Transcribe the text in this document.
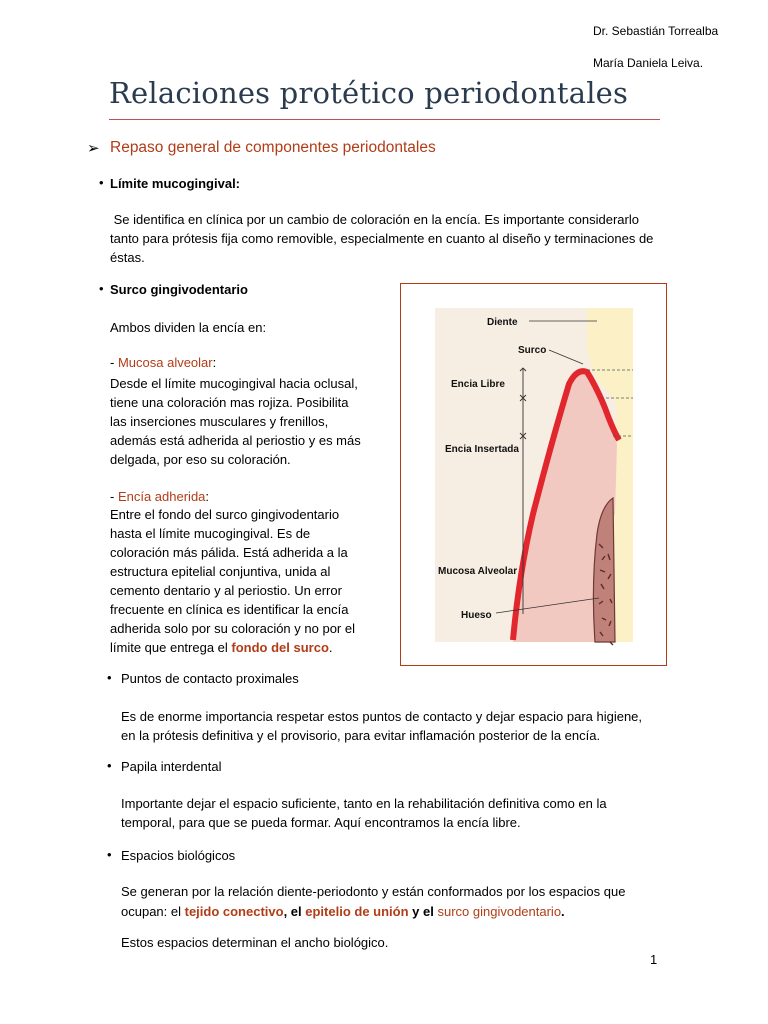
Dr. Sebastián Torrealba
María Daniela Leiva.
Relaciones protético periodontales
➢ Repaso general de componentes periodontales
• Límite mucogingival:
Se identifica en clínica por un cambio de coloración en la encía. Es importante considerarlo
tanto para prótesis fija como removible, especialmente en cuanto al diseño y terminaciones de
éstas.
• Surco gingivodentario
Ambos dividen la encía en:
- Mucosa alveolar:
Desde el límite mucogingival hacia oclusal,
tiene una coloración mas rojiza. Posibilita
las inserciones musculares y frenillos,
además está adherida al periostio y es más
delgada, por eso su coloración.
- Encía adherida:
Entre el fondo del surco gingivodentario
hasta el límite mucogingival. Es de
coloración más pálida. Está adherida a la
estructura epitelial conjuntiva, unida al
cemento dentario y al periostio. Un error
frecuente en clínica es identificar la encía
adherida solo por su coloración y no por el
límite que entrega el fondo del surco.
Diente
Surco
Encia Libre
Encia Insertada
Mucosa Alveolar
Hueso
• Puntos de contacto proximales
Es de enorme importancia respetar estos puntos de contacto y dejar espacio para higiene,
en la prótesis definitiva y el provisorio, para evitar inflamación posterior de la encía.
• Papila interdental
Importante dejar el espacio suficiente, tanto en la rehabilitación definitiva como en la
temporal, para que se pueda formar. Aquí encontramos la encía libre.
• Espacios biológicos
Se generan por la relación diente-periodonto y están conformados por los espacios que
ocupan: el tejido conectivo, el epitelio de unión y el surco gingivodentario.
Estos espacios determinan el ancho biológico.
1
